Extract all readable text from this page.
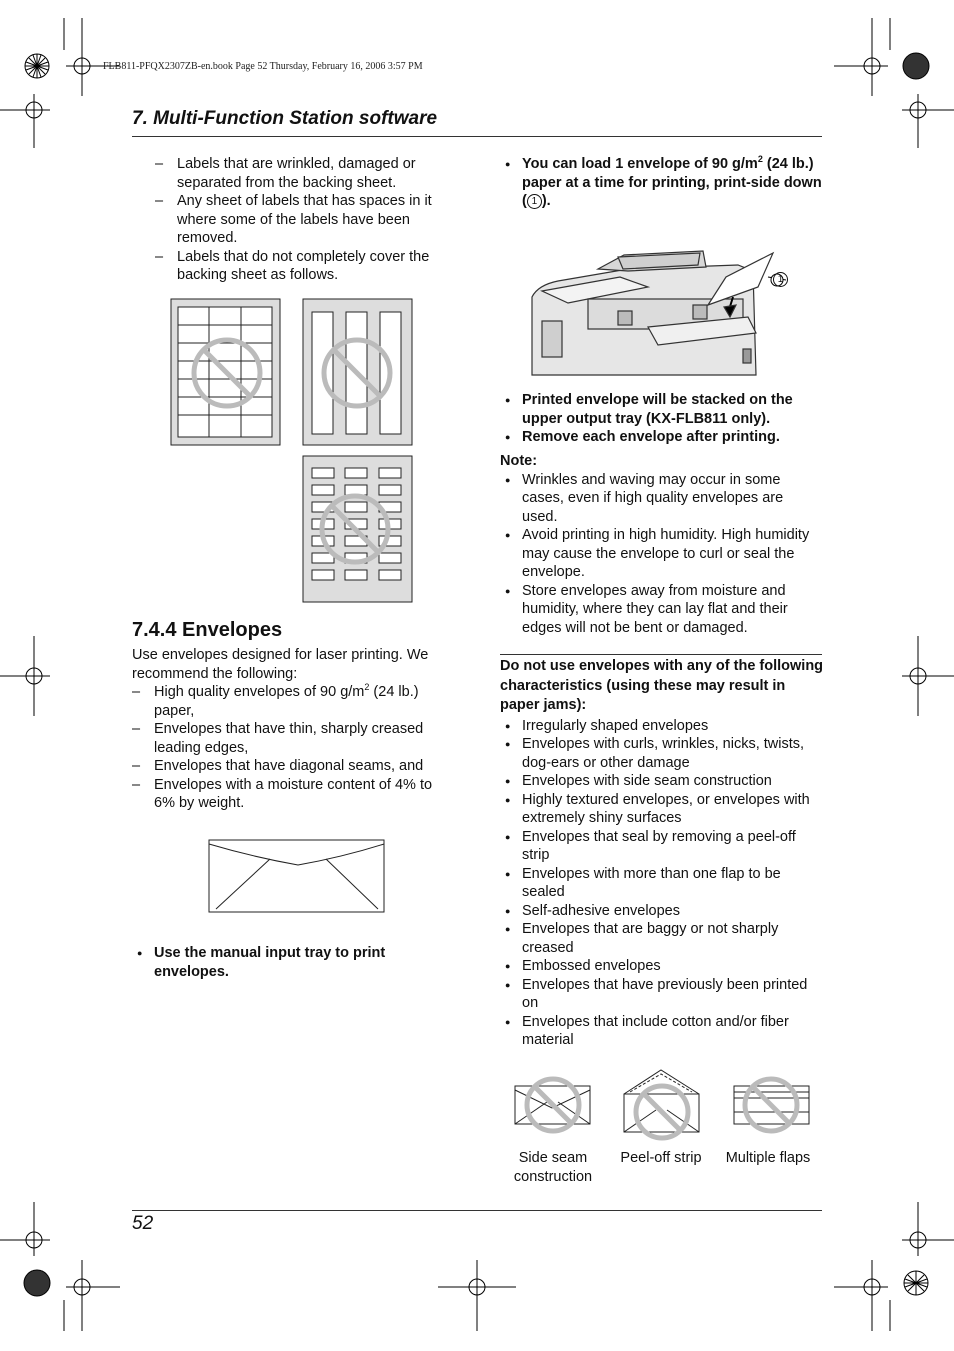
FLB811-PFQX2307ZB-en.book Page 52 Thursday, February 16, 2006 3:57 PM
7. Multi-Function Station software
– Labels that are wrinkled, damaged or separated from the backing sheet.
– Any sheet of labels that has spaces in it where some of the labels have been removed.
– Labels that do not completely cover the backing sheet as follows.
7.4.4 Envelopes
Use envelopes designed for laser printing. We recommend the following:
– High quality envelopes of 90 $g/m^2$ (24 lb.) paper,
– Envelopes that have thin, sharply creased leading edges,
– Envelopes that have diagonal seams, and
– Envelopes with a moisture content of 4% to 6% by weight.
● Use the manual input tray to print envelopes.
● You can load 1 envelope of 90 $g/m^2$ (24 lb.) paper at a time for printing, print-side down ( 1 ).
1
● Printed envelope will be stacked on the upper output tray (KX-FLB811 only).
● Remove each envelope after printing.
Note:
● Wrinkles and waving may occur in some cases, even if high quality envelopes are used.
● Avoid printing in high humidity. High humidity may cause the envelope to curl or seal the envelope.
● Store envelopes away from moisture and humidity, where they can lay flat and their edges will not be bent or damaged.
Do not use envelopes with any of the following characteristics (using these may result in paper jams):
● Irregularly shaped envelopes
● Envelopes with curls, wrinkles, nicks, twists, dog-ears or other damage
● Envelopes with side seam construction
● Highly textured envelopes, or envelopes with extremely shiny surfaces
● Envelopes that seal by removing a peel-off strip
● Envelopes with more than one flap to be sealed
● Self-adhesive envelopes
● Envelopes that are baggy or not sharply creased
● Embossed envelopes
● Envelopes that have previously been printed on
● Envelopes that include cotton and/or fiber material
Side seam construction
Peel-off strip	Multiple flaps
52
